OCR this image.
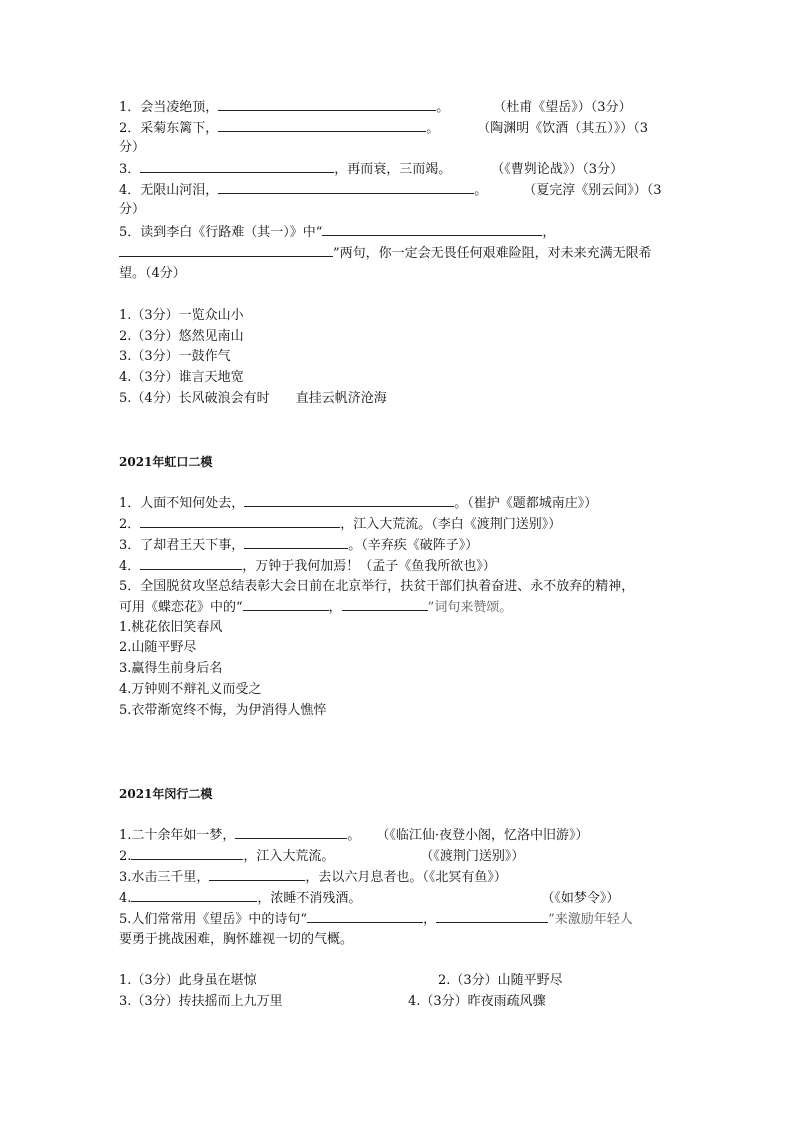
1．会当凌绝顶，	。	（杜甫《望岳》）（3分）
2．采菊东篱下，	。	（陶渊明《饮酒（其五）》）（3
分）
3．	，再而衰，三而竭。	（《曹刿论战》）（3分）
4．无限山河泪，	。	（夏完淳《别云间》）（3
分）
5．读到李白《行路难（其一）》中“	，
”两句，你一定会无畏任何艰难险阻，对未来充满无限希
望。（4分）
1.（3分）一览众山小
2.（3分）悠然见南山
3.（3分）一鼓作气
4.（3分）谁言天地宽
5.（4分）长风破浪会有时 直挂云帆济沧海
2021年虹口二模
1．人面不知何处去，	。（崔护《题都城南庄》）
2．	，江入大荒流。（李白《渡荆门送别》）
3．了却君王天下事，	。（辛弃疾《破阵子》）
4．	，万钟于我何加焉！（孟子《鱼我所欲也》）
5．全国脱贫攻坚总结表彰大会日前在北京举行，扶贫干部们执着奋进、永不放弃的精神，
可用《蝶恋花》中的“	，	”词句来赞颂。
1.桃花依旧笑春风
2.山随平野尽
3.赢得生前身后名
4.万钟则不辩礼义而受之
5.衣带渐宽终不悔，为伊消得人憔悴
2021年闵行二模
1.二十余年如一梦，	。 （《临江仙·夜登小阁，忆洛中旧游》）
2.	，江入大荒流。	（《渡荆门送别》）
3.水击三千里，	，去以六月息者也。（《北冥有鱼》）
4.	，浓睡不消残酒。	（《如梦令》）
5.人们常常用《望岳》中的诗句“	，	”来激励年轻人
要勇于挑战困难，胸怀雄视一切的气概。
1.（3分）此身虽在堪惊	2.（3分）山随平野尽
3.（3分）抟扶摇而上九万里	4.（3分）昨夜雨疏风骤
